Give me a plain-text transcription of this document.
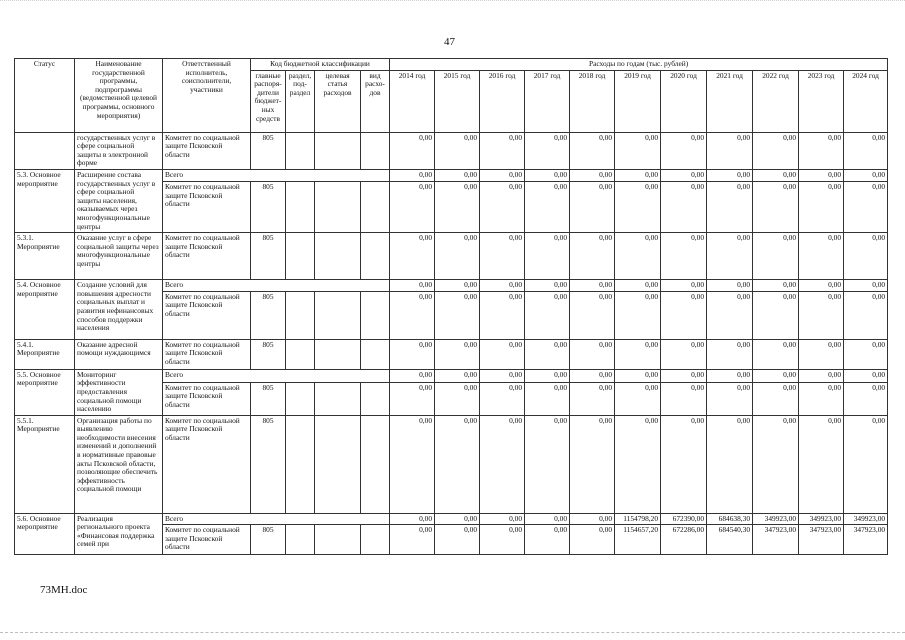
47
Статус	Наименование государственной программы, подпрограммы (ведомственной целевой программы, основного мероприятия)	Ответственный исполнитель, соисполнители, участники	Код бюджетной классификации				Расходы по годам (тыс. рублей)										
			главные распоря-дители бюджет-ных средств	раздел, под-раздел	целевая статья расходов	вид расхо-дов	2014 год	2015 год	2016 год	2017 год	2018 год	2019 год	2020 год	2021 год	2022 год	2023 год	2024 год
	государственных услуг в сфере социальной защиты в электронной форме	Комитет по социальной защите Псковской области	805				0,00	0,00	0,00	0,00	0,00	0,00	0,00	0,00	0,00	0,00	0,00
5.3. Основное мероприятие	Расширение состава государственных услуг в сфере социальной защиты населения, оказываемых через многофункциональные центры	Всего					0,00	0,00	0,00	0,00	0,00	0,00	0,00	0,00	0,00	0,00	0,00
		Комитет по социальной защите Псковской области	805				0,00	0,00	0,00	0,00	0,00	0,00	0,00	0,00	0,00	0,00	0,00
5.3.1. Мероприятие	Оказание услуг в сфере социальной защиты через многофункциональные центры	Комитет по социальной защите Псковской области	805				0,00	0,00	0,00	0,00	0,00	0,00	0,00	0,00	0,00	0,00	0,00
5.4. Основное мероприятие	Создание условий для повышения адресности социальных выплат и развития нефинансовых способов поддержки населения	Всего					0,00	0,00	0,00	0,00	0,00	0,00	0,00	0,00	0,00	0,00	0,00
		Комитет по социальной защите Псковской области	805				0,00	0,00	0,00	0,00	0,00	0,00	0,00	0,00	0,00	0,00	0,00
5.4.1. Мероприятие	Оказание адресной помощи нуждающимся	Комитет по социальной защите Псковской области	805				0,00	0,00	0,00	0,00	0,00	0,00	0,00	0,00	0,00	0,00	0,00
5.5. Основное мероприятие	Мониторинг эффективности предоставления социальной помощи населению	Всего					0,00	0,00	0,00	0,00	0,00	0,00	0,00	0,00	0,00	0,00	0,00
		Комитет по социальной защите Псковской области	805				0,00	0,00	0,00	0,00	0,00	0,00	0,00	0,00	0,00	0,00	0,00
5.5.1. Мероприятие	Организация работы по выявлению необходимости внесения изменений и дополнений в нормативные правовые акты Псковской области, позволяющие обеспечить эффективность социальной помощи	Комитет по социальной защите Псковской области	805				0,00	0,00	0,00	0,00	0,00	0,00	0,00	0,00	0,00	0,00	0,00
5.6. Основное мероприятие	Реализация регионального проекта «Финансовая поддержка семей при	Всего					0,00	0,00	0,00	0,00	0,00	1154798,20	672390,00	684638,30	349923,00	349923,00	349923,00
		Комитет по социальной защите Псковской области	805				0,00	0,00	0,00	0,00	0,00	1154657,20	672286,00	684540,30	347923,00	347923,00	347923,00
73МН.doc
